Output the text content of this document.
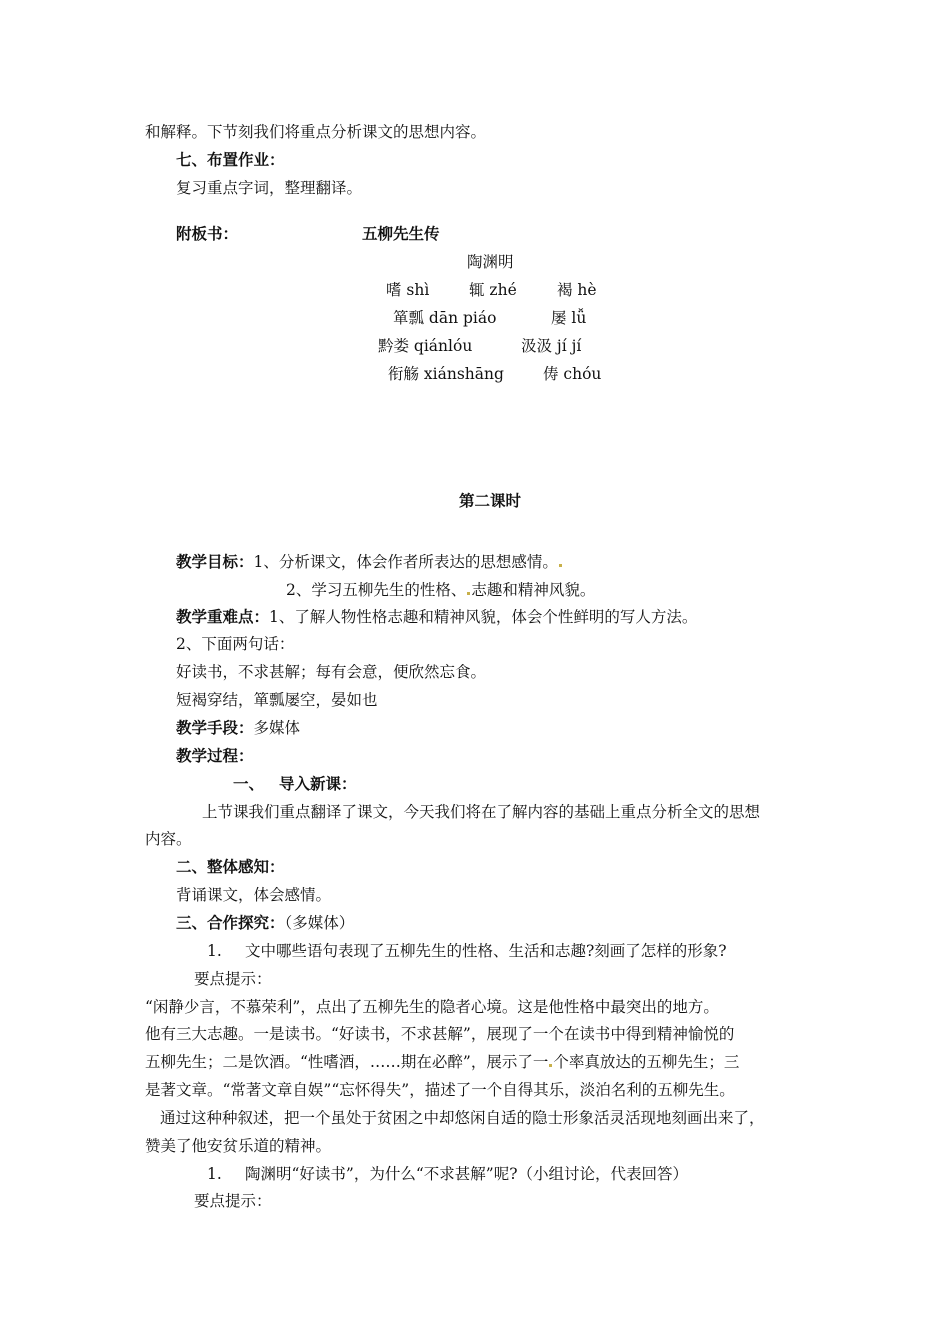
和解释。下节刻我们将重点分析课文的思想内容。
七、布置作业：
复习重点字词，整理翻译。
附板书：	五柳先生传
陶渊明
嗜 shì	辄 zhé	褐 hè
箪瓢 dān piáo	屡 lǚ
黔娄 qiánlóu	汲汲 jí jí
衔觞 xiánshāng	俦 chóu
第二课时
教学目标：1、分析课文，体会作者所表达的思想感情。
2、学习五柳先生的性格、 志趣和精神风貌。
教学重难点：1、了解人物性格志趣和精神风貌，体会个性鲜明的写人方法。
2、下面两句话：
好读书，不求甚解；每有会意，便欣然忘食。
短褐穿结，箪瓢屡空，晏如也
教学手段：多媒体
教学过程：
一、 导入新课：
上节课我们重点翻译了课文，今天我们将在了解内容的基础上重点分析全文的思想
内容。
二、整体感知：
背诵课文，体会感情。
三、合作探究：（多媒体）
1. 文中哪些语句表现了五柳先生的性格、生活和志趣?刻画了怎样的形象?
要点提示：
“闲静少言，不慕荣利”，点出了五柳先生的隐者心境。这是他性格中最突出的地方。
他有三大志趣。一是读书。“好读书，不求甚解”，展现了一个在读书中得到精神愉悦的
五柳先生；二是饮酒。“性嗜酒，……期在必醉”，展示了一 个率真放达的五柳先生；三
是著文章。“常著文章自娱”“忘怀得失”，描述了一个自得其乐，淡泊名利的五柳先生。
通过这种种叙述，把一个虽处于贫困之中却悠闲自适的隐士形象活灵活现地刻画出来了，
赞美了他安贫乐道的精神。
1. 陶渊明“好读书”，为什么“不求甚解”呢?（小组讨论，代表回答）
要点提示：
